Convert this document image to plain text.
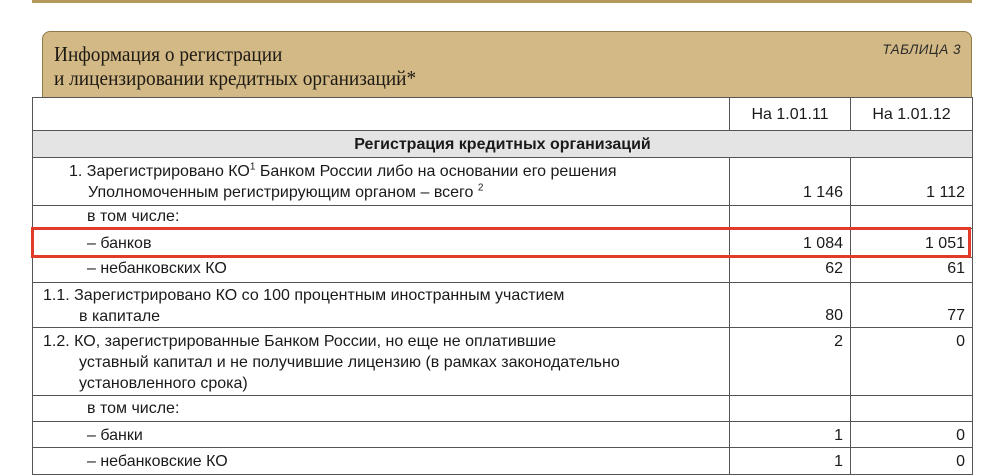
Информация о регистрации
и лицензировании кредитных организаций*
ТАБЛИЦА 3
	На 1.01.11	На 1.01.12
Регистрация кредитных организаций		
1. Зарегистрировано $КО^1$ Банком России либо на основании его решения
Уполномоченным регистрирующим органом – всего $^2$	1 146	1 112
в том числе:		
– банков	1 084	1 051
– небанковских КО	62	61
1.1. Зарегистрировано КО со 100 процентным иностранным участием
в капитале	80	77
1.2. КО, зарегистрированные Банком России, но еще не оплатившие
уставный капитал и не получившие лицензию (в рамках законодательно
установленного срока)	2	0
в том числе:		
– банки	1	0
– небанковские КО	1	0
